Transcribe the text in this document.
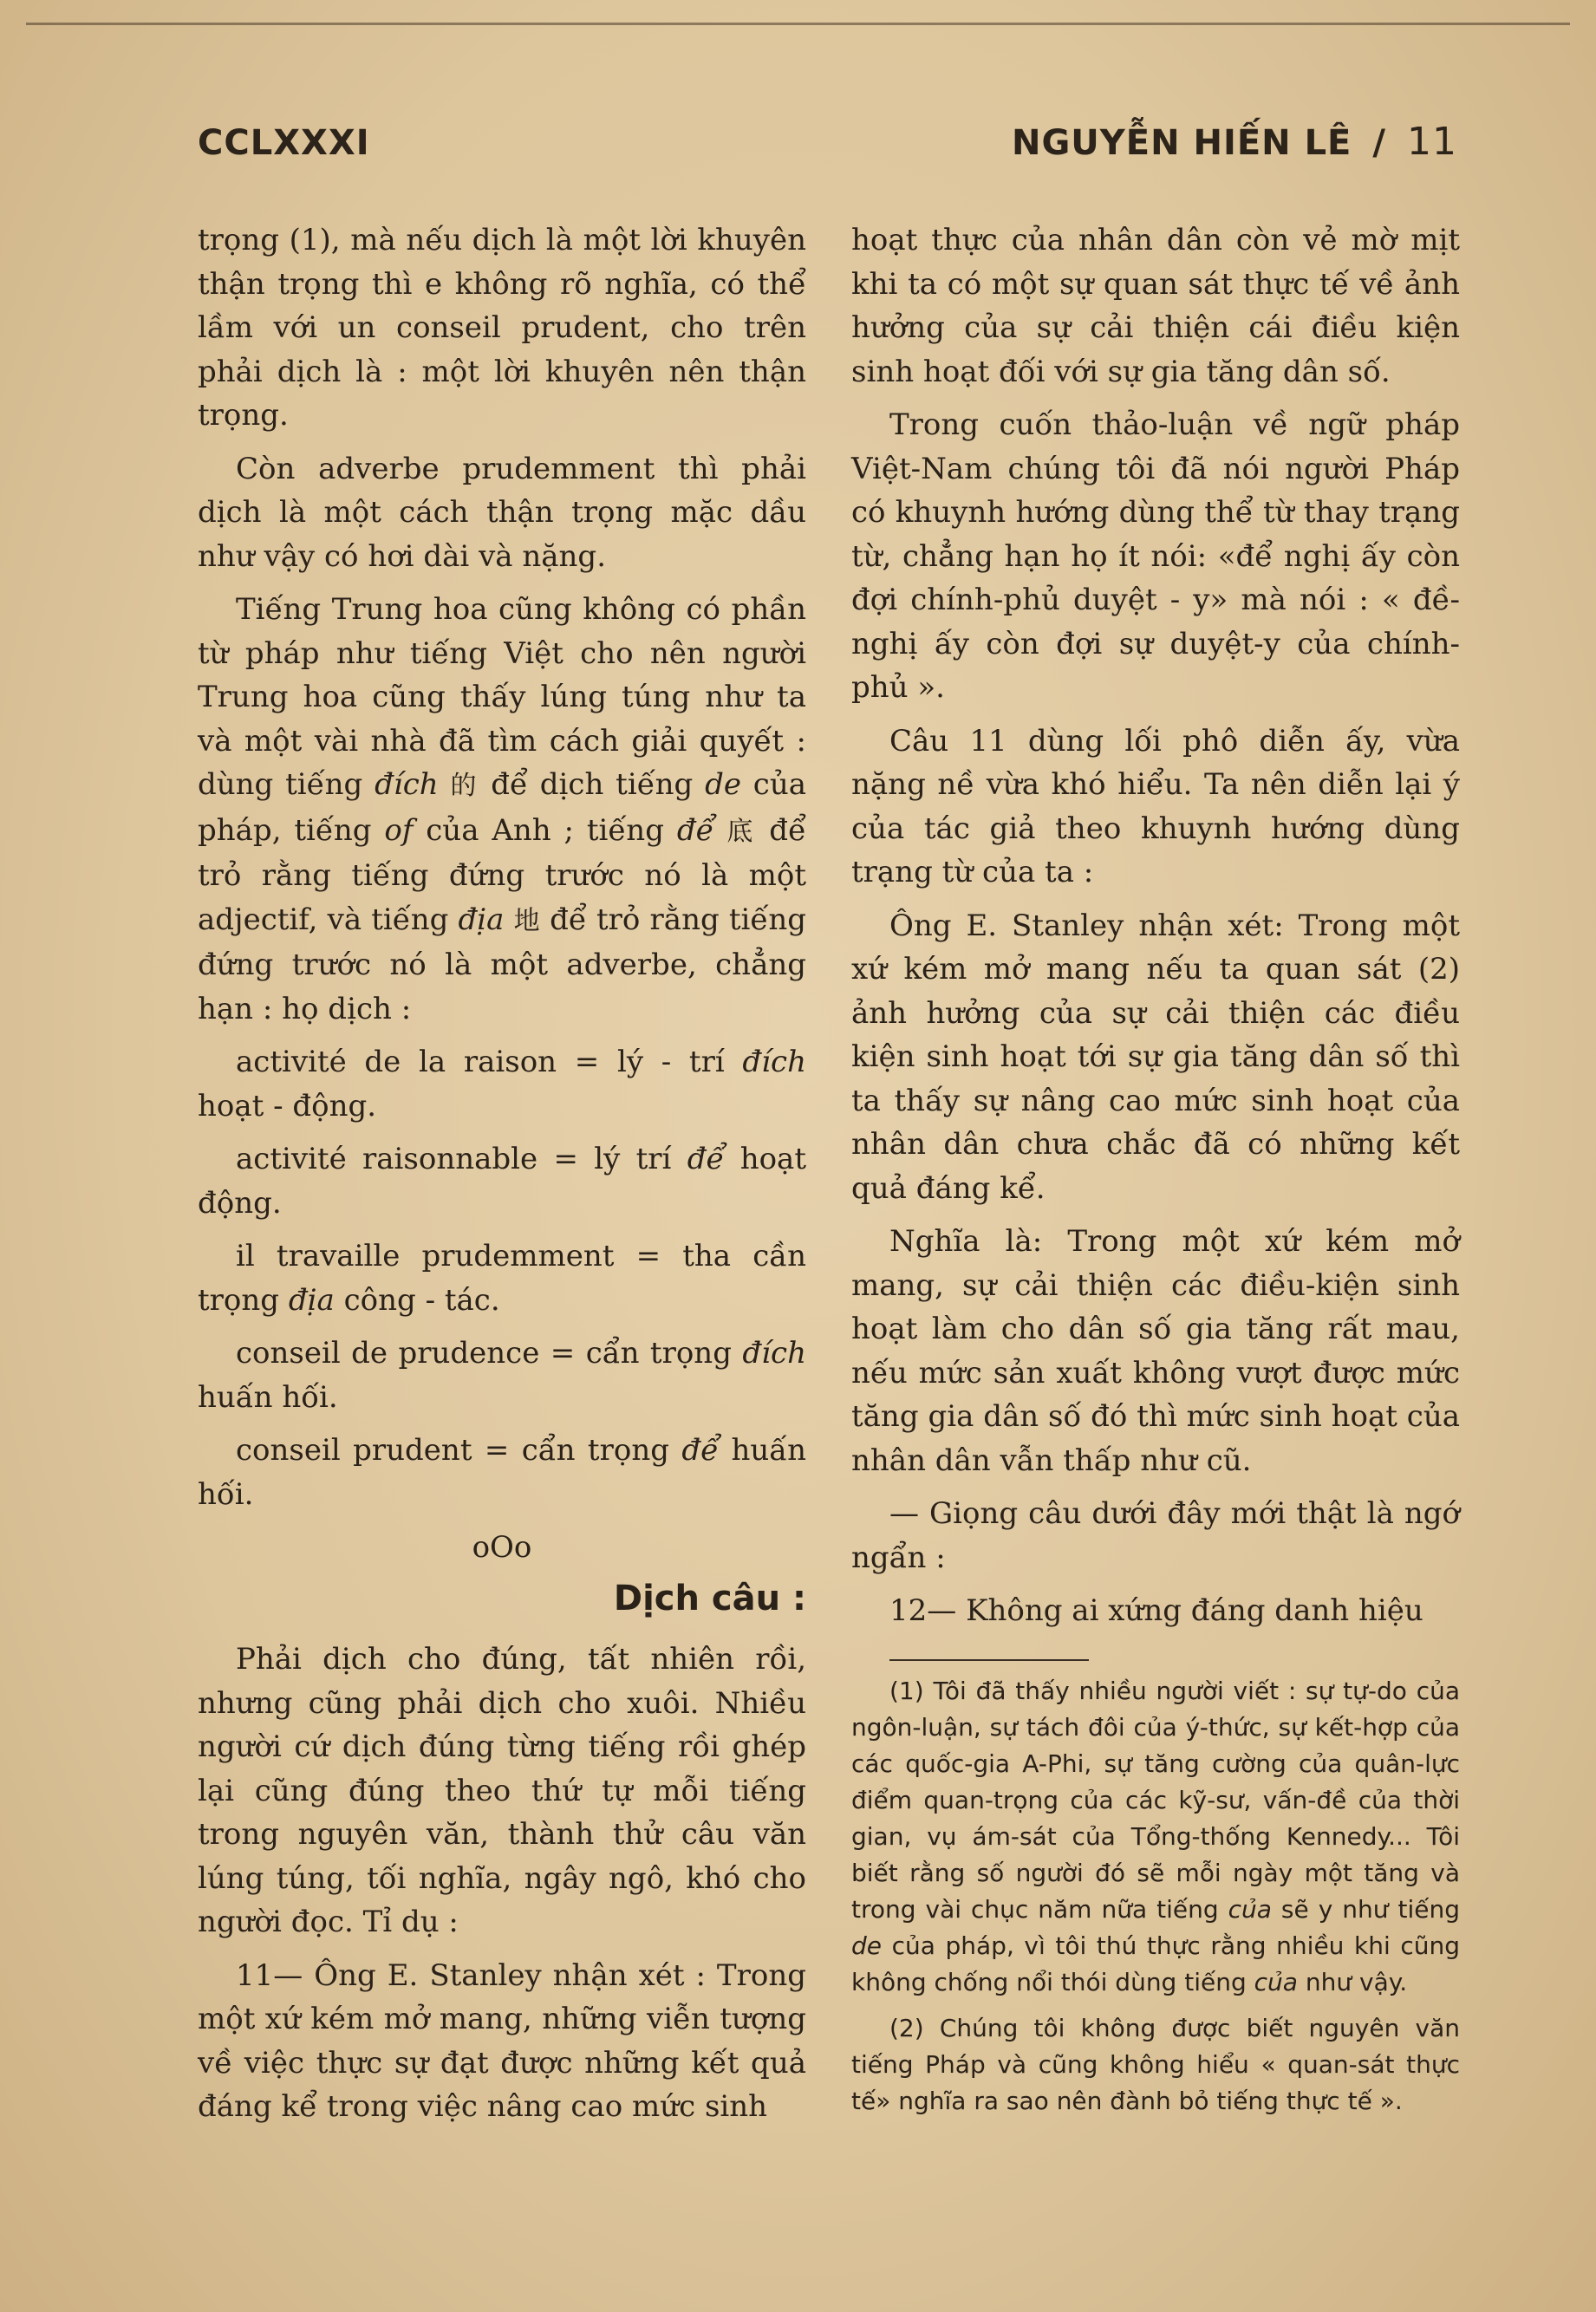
CCLXXXI	NGUYỄN HIẾN LÊ / 11

trọng (1), mà nếu dịch là một lời khuyên thận trọng thì e không rõ nghĩa, có thể lầm với un conseil prudent, cho trên phải dịch là : một lời khuyên nên thận trọng.

Còn adverbe prudemment thì phải dịch là một cách thận trọng mặc dầu như vậy có hơi dài và nặng.

Tiếng Trung hoa cũng không có phần từ pháp như tiếng Việt cho nên người Trung hoa cũng thấy lúng túng như ta và một vài nhà đã tìm cách giải quyết : dùng tiếng đích 的 để dịch tiếng de của pháp, tiếng of của Anh ; tiếng để 底 để trỏ rằng tiếng đứng trước nó là một adjectif, và tiếng địa 地 để trỏ rằng tiếng đứng trước nó là một adverbe, chẳng hạn : họ dịch :

activité de la raison = lý - trí đích hoạt - động.

activité raisonnable = lý trí để hoạt động.

il travaille prudemment = tha cần trọng địa công - tác.

conseil de prudence = cẩn trọng đích huấn hối.

conseil prudent = cẩn trọng để huấn hối.

oOo
Dịch câu :

Phải dịch cho đúng, tất nhiên rồi, nhưng cũng phải dịch cho xuôi. Nhiều người cứ dịch đúng từng tiếng rồi ghép lại cũng đúng theo thứ tự mỗi tiếng trong nguyên văn, thành thử câu văn lúng túng, tối nghĩa, ngây ngô, khó cho người đọc. Tỉ dụ :

11— Ông E. Stanley nhận xét : Trong một xứ kém mở mang, những viễn tượng về việc thực sự đạt được những kết quả đáng kể trong việc nâng cao mức sinh

hoạt thực của nhân dân còn vẻ mờ mịt khi ta có một sự quan sát thực tế về ảnh hưởng của sự cải thiện cái điều kiện sinh hoạt đối với sự gia tăng dân số.

Trong cuốn thảo-luận về ngữ pháp Việt-Nam chúng tôi đã nói người Pháp có khuynh hướng dùng thể từ thay trạng từ, chẳng hạn họ ít nói: «để nghị ấy còn đợi chính-phủ duyệt - y» mà nói : « đề-nghị ấy còn đợi sự duyệt-y của chính-phủ ».

Câu 11 dùng lối phô diễn ấy, vừa nặng nề vừa khó hiểu. Ta nên diễn lại ý của tác giả theo khuynh hướng dùng trạng từ của ta :

Ông E. Stanley nhận xét: Trong một xứ kém mở mang nếu ta quan sát (2) ảnh hưởng của sự cải thiện các điều kiện sinh hoạt tới sự gia tăng dân số thì ta thấy sự nâng cao mức sinh hoạt của nhân dân chưa chắc đã có những kết quả đáng kể.

Nghĩa là: Trong một xứ kém mở mang, sự cải thiện các điều-kiện sinh hoạt làm cho dân số gia tăng rất mau, nếu mức sản xuất không vượt được mức tăng gia dân số đó thì mức sinh hoạt của nhân dân vẫn thấp như cũ.

— Giọng câu dưới đây mới thật là ngớ ngẩn :

12— Không ai xứng đáng danh hiệu

(1) Tôi đã thấy nhiều người viết : sự tự-do của ngôn-luận, sự tách đôi của ý-thức, sự kết-hợp của các quốc-gia A-Phi, sự tăng cường của quân-lực điểm quan-trọng của các kỹ-sư, vấn-đề của thời gian, vụ ám-sát của Tổng-thống Kennedy... Tôi biết rằng số người đó sẽ mỗi ngày một tăng và trong vài chục năm nữa tiếng của sẽ y như tiếng de của pháp, vì tôi thú thực rằng nhiều khi cũng không chống nổi thói dùng tiếng của như vậy.

(2) Chúng tôi không được biết nguyên văn tiếng Pháp và cũng không hiểu « quan-sát thực tế» nghĩa ra sao nên đành bỏ tiếng thực tế ».
